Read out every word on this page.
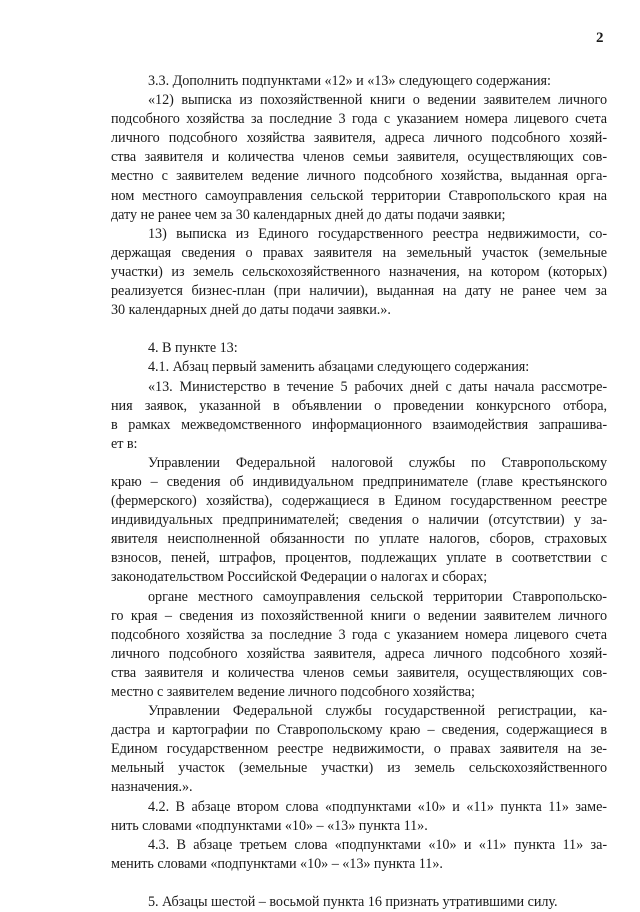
2
3.3. Дополнить подпунктами «12» и «13» следующего содержания:
«12) выписка из похозяйственной книги о ведении заявителем личного
подсобного хозяйства за последние 3 года с указанием номера лицевого счета
личного подсобного хозяйства заявителя, адреса личного подсобного хозяй-
ства заявителя и количества членов семьи заявителя, осуществляющих сов-
местно с заявителем ведение личного подсобного хозяйства, выданная орга-
ном местного самоуправления сельской территории Ставропольского края на
дату не ранее чем за 30 календарных дней до даты подачи заявки;
13) выписка из Единого государственного реестра недвижимости, со-
держащая сведения о правах заявителя на земельный участок (земельные
участки) из земель сельскохозяйственного назначения, на котором (которых)
реализуется бизнес-план (при наличии), выданная на дату не ранее чем за
30 календарных дней до даты подачи заявки.».
4. В пункте 13:
4.1. Абзац первый заменить абзацами следующего содержания:
«13. Министерство в течение 5 рабочих дней с даты начала рассмотре-
ния заявок, указанной в объявлении о проведении конкурсного отбора,
в рамках межведомственного информационного взаимодействия запрашива-
ет в:
Управлении Федеральной налоговой службы по Ставропольскому
краю – сведения об индивидуальном предпринимателе (главе крестьянского
(фермерского) хозяйства), содержащиеся в Едином государственном реестре
индивидуальных предпринимателей; сведения о наличии (отсутствии) у за-
явителя неисполненной обязанности по уплате налогов, сборов, страховых
взносов, пеней, штрафов, процентов, подлежащих уплате в соответствии с
законодательством Российской Федерации о налогах и сборах;
органе местного самоуправления сельской территории Ставропольско-
го края – сведения из похозяйственной книги о ведении заявителем личного
подсобного хозяйства за последние 3 года с указанием номера лицевого счета
личного подсобного хозяйства заявителя, адреса личного подсобного хозяй-
ства заявителя и количества членов семьи заявителя, осуществляющих сов-
местно с заявителем ведение личного подсобного хозяйства;
Управлении Федеральной службы государственной регистрации, ка-
дастра и картографии по Ставропольскому краю – сведения, содержащиеся в
Едином государственном реестре недвижимости, о правах заявителя на зе-
мельный участок (земельные участки) из земель сельскохозяйственного
назначения.».
4.2. В абзаце втором слова «подпунктами «10» и «11» пункта 11» заме-
нить словами «подпунктами «10» – «13» пункта 11».
4.3. В абзаце третьем слова «подпунктами «10» и «11» пункта 11» за-
менить словами «подпунктами «10» – «13» пункта 11».
5. Абзацы шестой – восьмой пункта 16 признать утратившими силу.
